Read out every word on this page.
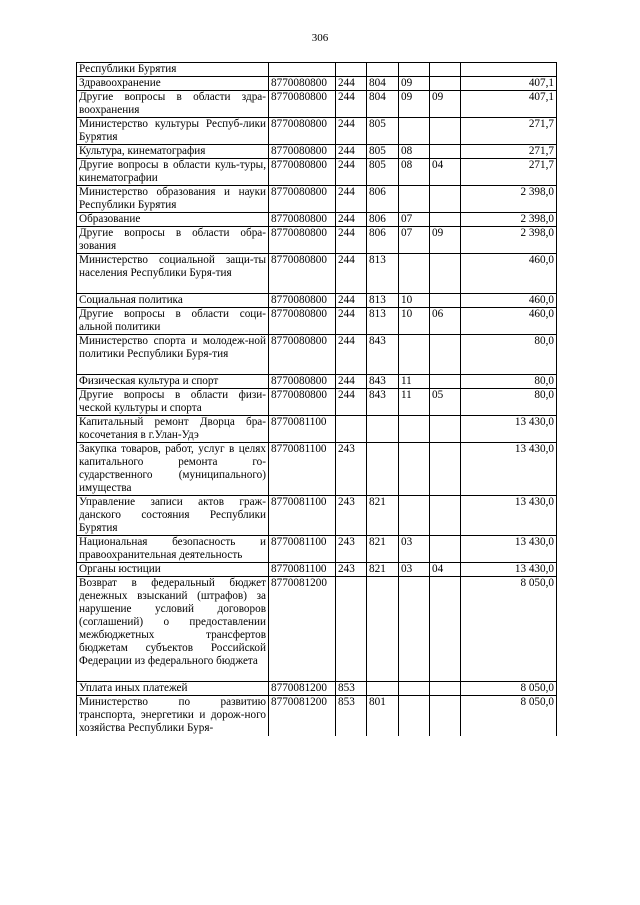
306
Республики Бурятия						
Здравоохранение	8770080800	244	804	09		407,1
Другие вопросы в области здра-воохранения	8770080800	244	804	09	09	407,1
Министерство культуры Респуб-лики Бурятия	8770080800	244	805			271,7
Культура, кинематография	8770080800	244	805	08		271,7
Другие вопросы в области куль-туры, кинематографии	8770080800	244	805	08	04	271,7
Министерство образования и науки Республики Бурятия	8770080800	244	806			2 398,0
Образование	8770080800	244	806	07		2 398,0
Другие вопросы в области обра-зования	8770080800	244	806	07	09	2 398,0
Министерство социальной защи-ты населения Республики Буря-тия	8770080800	244	813			460,0
Социальная политика	8770080800	244	813	10		460,0
Другие вопросы в области соци-альной политики	8770080800	244	813	10	06	460,0
Министерство спорта и молодеж-ной политики Республики Буря-тия	8770080800	244	843			80,0
Физическая культура и спорт	8770080800	244	843	11		80,0
Другие вопросы в области физи-ческой культуры и спорта	8770080800	244	843	11	05	80,0
Капитальный ремонт Дворца бра-косочетания в г.Улан-Удэ	8770081100					13 430,0
Закупка товаров, работ, услуг в целях капитального ремонта го-сударственного (муниципального) имущества	8770081100	243				13 430,0
Управление записи актов граж-данского состояния Республики Бурятия	8770081100	243	821			13 430,0
Национальная безопасность и правоохранительная деятельность	8770081100	243	821	03		13 430,0
Органы юстиции	8770081100	243	821	03	04	13 430,0
Возврат в федеральный бюджет денежных взысканий (штрафов) за нарушение условий договоров (соглашений) о предоставлении межбюджетных трансфертов бюджетам субъектов Российской Федерации из федерального бюджета	8770081200					8 050,0
Уплата иных платежей	8770081200	853				8 050,0
Министерство по развитию транспорта, энергетики и дорож-ного хозяйства Республики Буря-	8770081200	853	801			8 050,0
